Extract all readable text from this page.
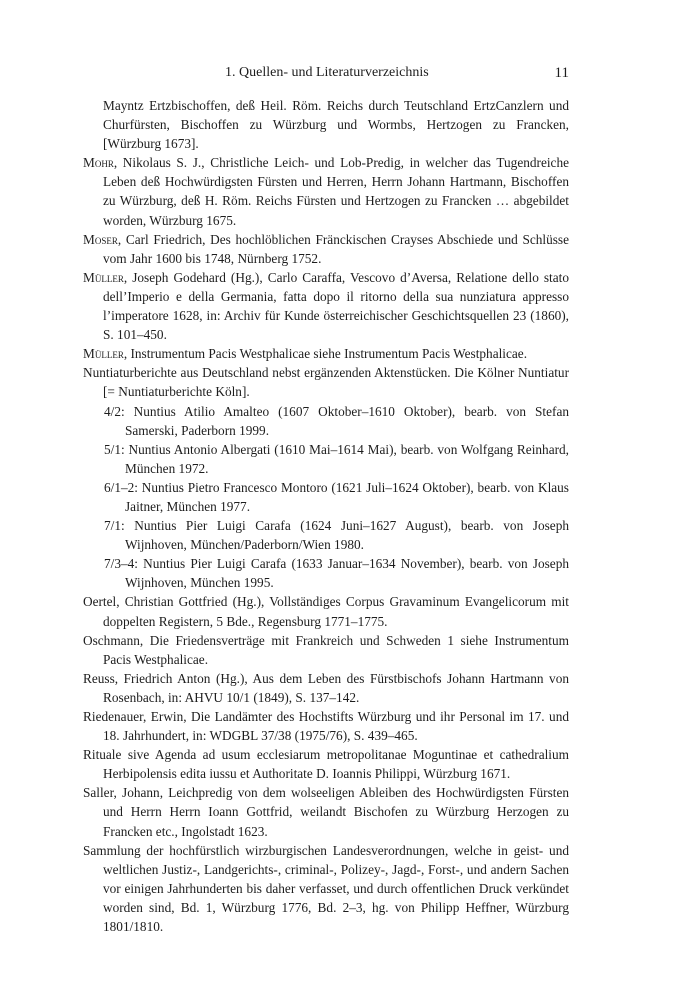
1. Quellen- und Literaturverzeichnis	11

Mayntz Ertzbischoffen, deß Heil. Röm. Reichs durch Teutschland ErtzCanzlern und Churfürsten, Bischoffen zu Würzburg und Wormbs, Hertzogen zu Francken, [Würzburg 1673].

Mohr, Nikolaus S. J., Christliche Leich- und Lob-Predig, in welcher das Tugendreiche Leben deß Hochwürdigsten Fürsten und Herren, Herrn Johann Hartmann, Bischoffen zu Würzburg, deß H. Röm. Reichs Fürsten und Hertzogen zu Francken … abgebildet worden, Würzburg 1675.

Moser, Carl Friedrich, Des hochlöblichen Fränckischen Crayses Abschiede und Schlüsse vom Jahr 1600 bis 1748, Nürnberg 1752.

Müller, Joseph Godehard (Hg.), Carlo Caraffa, Vescovo d’Aversa, Relatione dello stato dell’Imperio e della Germania, fatta dopo il ritorno della sua nunziatura appresso l’imperatore 1628, in: Archiv für Kunde österreichischer Geschichtsquellen 23 (1860), S. 101–450.

Müller, Instrumentum Pacis Westphalicae siehe Instrumentum Pacis Westphalicae.

Nuntiaturberichte aus Deutschland nebst ergänzenden Aktenstücken. Die Kölner Nuntiatur [= Nuntiaturberichte Köln].

4/2: Nuntius Atilio Amalteo (1607 Oktober–1610 Oktober), bearb. von Stefan Samerski, Paderborn 1999.

5/1: Nuntius Antonio Albergati (1610 Mai–1614 Mai), bearb. von Wolfgang Reinhard, München 1972.

6/1–2: Nuntius Pietro Francesco Montoro (1621 Juli–1624 Oktober), bearb. von Klaus Jaitner, München 1977.

7/1: Nuntius Pier Luigi Carafa (1624 Juni–1627 August), bearb. von Joseph Wijnhoven, München/Paderborn/Wien 1980.

7/3–4: Nuntius Pier Luigi Carafa (1633 Januar–1634 November), bearb. von Joseph Wijnhoven, München 1995.

Oertel, Christian Gottfried (Hg.), Vollständiges Corpus Gravaminum Evangelicorum mit doppelten Registern, 5 Bde., Regensburg 1771–1775.

Oschmann, Die Friedensverträge mit Frankreich und Schweden 1 siehe Instrumentum Pacis Westphalicae.

Reuss, Friedrich Anton (Hg.), Aus dem Leben des Fürstbischofs Johann Hartmann von Rosenbach, in: AHVU 10/1 (1849), S. 137–142.

Riedenauer, Erwin, Die Landämter des Hochstifts Würzburg und ihr Personal im 17. und 18. Jahrhundert, in: WDGBL 37/38 (1975/76), S. 439–465.

Rituale sive Agenda ad usum ecclesiarum metropolitanae Moguntinae et cathedralium Herbipolensis edita iussu et Authoritate D. Ioannis Philippi, Würzburg 1671.

Saller, Johann, Leichpredig von dem wolseeligen Ableiben des Hochwürdigsten Fürsten und Herrn Herrn Ioann Gottfrid, weilandt Bischofen zu Würzburg Herzogen zu Francken etc., Ingolstadt 1623.

Sammlung der hochfürstlich wirzburgischen Landesverordnungen, welche in geist- und weltlichen Justiz-, Landgerichts-, criminal-, Polizey-, Jagd-, Forst-, und andern Sachen vor einigen Jahrhunderten bis daher verfasset, und durch offentlichen Druck verkündet worden sind, Bd. 1, Würzburg 1776, Bd. 2–3, hg. von Philipp Heffner, Würzburg 1801/1810.
